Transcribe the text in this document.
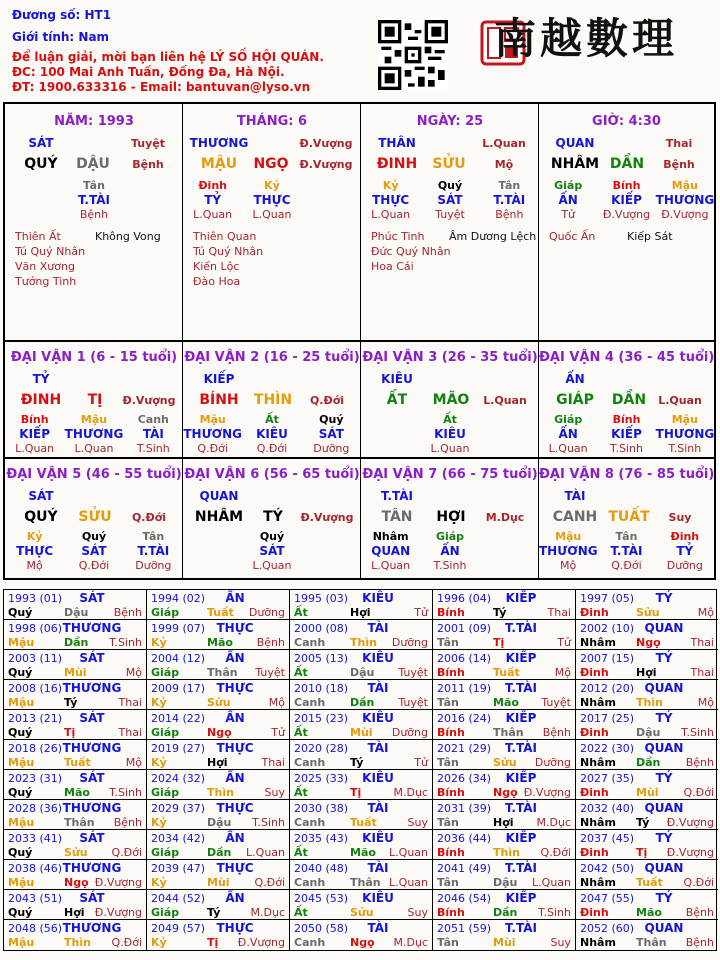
Đương số: HT1
Giới tính: Nam
Để luận giải, mời bạn liên hệ LÝ SỐ HỘI QUÁN.
ĐC: 100 Mai Anh Tuấn, Đống Đa, Hà Nội.
ĐT: 1900.633316 - Email: bantuvan@lyso.vn
南越數理
NĂM: 1993
SÁT	Tuyệt
QUÝ	DẬU	Bệnh
Tân
T.TÀI
Bệnh
Thiên Ất
Tú Quý Nhân
Văn Xương
Tướng Tinh
Không Vong
THÁNG: 6
THƯƠNG	Đ.Vượng
MẬU	NGỌ Đ.Vượng
Đinh
TỶ
L.Quan
Kỷ
THỰC
L.Quan
Thiên Quan
Tú Quý Nhân
Kiến Lộc
Đào Hoa
NGÀY: 25
THÂN	L.Quan
ĐINH	SỬU	Mộ
Kỷ
THỰC
L.Quan
Quý
SÁT
Tuyệt
Tân
T.TÀI
Bệnh
Phúc Tinh
Đức Quý Nhân
Hoa Cái
Âm Dương Lệch
GIỜ: 4:30
QUAN	Thai
NHÂM DẦN	Bệnh
Giáp
ẤN
Tử
Bính
KIẾP
Đ.Vượng
Mậu
THƯƠNG
Đ.Vượng
Quốc Ấn	Kiếp Sát
ĐẠI VẬN 1 (6 - 15 tuổi)
TỶ
ĐINH	TỊ	Đ.Vượng
Bính
KIẾP
L.Quan
Mậu
THƯƠNG
L.Quan
Canh
TÀI
T.Sinh
ĐẠI VẬN 2 (16 - 25 tuổi)
KIẾP
BÍNH	THÌN	Q.Đới
Mậu
THƯƠNG
Q.Đới
Ất
KIÊU
Q.Đới
Quý
SÁT
Dưỡng
ĐẠI VẬN 3 (26 - 35 tuổi)
KIÊU
ẤT	MÃO	L.Quan
Ất
KIÊU
L.Quan
ĐẠI VẬN 4 (36 - 45 tuổi)
ẤN
GIÁP	DẦN	L.Quan
Giáp
ẤN
L.Quan
Bính
KIẾP
T.Sinh
Mậu
THƯƠNG
T.Sinh
ĐẠI VẬN 5 (46 - 55 tuổi)
SÁT
QUÝ	SỬU	Q.Đới
Kỷ
THỰC
Mộ
Quý
SÁT
Q.Đới
Tân
T.TÀI
Dưỡng
ĐẠI VẬN 6 (56 - 65 tuổi)
QUAN
NHÂM	TÝ	Đ.Vượng
Quý
SÁT
L.Quan
ĐẠI VẬN 7 (66 - 75 tuổi)
T.TÀI
TÂN	HỢI	M.Dục
Nhâm
QUAN
L.Quan
Giáp
ẤN
T.Sinh
ĐẠI VẬN 8 (76 - 85 tuổi)
TÀI
CANH TUẤT	Suy
Mậu
THƯƠNG
Mộ
Tân
T.TÀI
Q.Đới
Đinh
TỶ
Dưỡng
1993 (01)	SÁT
Quý	Dậu Bệnh
1994 (02)	ẤN
Giáp	Tuất Dưỡng
1995 (03)	KIÊU
Ất	Hợi	Tử
1996 (04)	KIẾP
Bính	Tý	Thai
1997 (05)	TỶ
Đinh Sửu	Mộ
1998 (06) THƯƠNG
Mậu	Dần T.Sinh
1999 (07) THỰC
Kỷ	Mão Bệnh
2000 (08)	TÀI
Canh Thìn Dưỡng
2001 (09)	T.TÀI
Tân	Tị	Tử
2002 (10) QUAN
Nhâm Ngọ	Thai
2003 (11)	SÁT
Quý	Mùi	Mộ
2004 (12)	ẤN
Giáp	Thân Tuyệt
2005 (13)	KIÊU
Ất	Dậu Tuyệt
2006 (14)	KIẾP
Bính	Tuất	Mộ
2007 (15)	TỶ
Đinh Hợi	Thai
2008 (16) THƯƠNG
Mậu	Tý	Thai
2009 (17) THỰC
Kỷ	Sửu	Mộ
2010 (18)	TÀI
Canh Dần Tuyệt
2011 (19)	T.TÀI
Tân	Mão Tuyệt
2012 (20) QUAN
Nhâm Thìn	Mộ
2013 (21)	SÁT
Quý	Tị	Thai
2014 (22)	ẤN
Giáp	Ngọ	Tử
2015 (23)	KIÊU
Ất	Mùi Dưỡng
2016 (24)	KIẾP
Bính	Thân Bệnh
2017 (25)	TỶ
Đinh Dậu T.Sinh
2018 (26) THƯƠNG
Mậu	Tuất	Mộ
2019 (27) THỰC
Kỷ	Hợi	Thai
2020 (28)	TÀI
Canh Tý	Tử
2021 (29)	T.TÀI
Tân	Sửu Dưỡng
2022 (30) QUAN
Nhâm Dần Bệnh
2023 (31)	SÁT
Quý	Mão T.Sinh
2024 (32)	ẤN
Giáp	Thìn	Suy
2025 (33)	KIÊU
Ất	Tị	M.Dục
2026 (34)	KIẾP
Bính	Ngọ Đ.Vượng
2027 (35)	TỶ
Đinh Mùi Q.Đới
2028 (36) THƯƠNG
Mậu	Thân Bệnh
2029 (37) THỰC
Kỷ	Dậu T.Sinh
2030 (38)	TÀI
Canh Tuất	Suy
2031 (39)	T.TÀI
Tân	Hợi M.Dục
2032 (40) QUAN
Nhâm Tý Đ.Vượng
2033 (41)	SÁT
Quý	Sửu Q.Đới
2034 (42)	ẤN
Giáp	Dần L.Quan
2035 (43)	KIÊU
Ất	Mão L.Quan
2036 (44)	KIẾP
Bính	Thìn Q.Đới
2037 (45)	TỶ
Đinh Tị Đ.Vượng
2038 (46) THƯƠNG
Mậu	Ngọ Đ.Vượng
2039 (47) THỰC
Kỷ	Mùi Q.Đới
2040 (48)	TÀI
Canh Thân L.Quan
2041 (49)	T.TÀI
Tân	Dậu L.Quan
2042 (50) QUAN
Nhâm Tuất Q.Đới
2043 (51)	SÁT
Quý	Hợi Đ.Vượng
2044 (52)	ẤN
Giáp	Tý	M.Dục
2045 (53)	KIÊU
Ất	Sửu	Suy
2046 (54)	KIẾP
Bính	Dần T.Sinh
2047 (55)	TỶ
Đinh Mão Bệnh
2048 (56) THƯƠNG
Mậu	Thìn Q.Đới
2049 (57) THỰC
Kỷ	Tị Đ.Vượng
2050 (58)	TÀI
Canh Ngọ M.Dục
2051 (59)	T.TÀI
Tân	Mùi	Suy
2052 (60) QUAN
Nhâm Thân Bệnh
